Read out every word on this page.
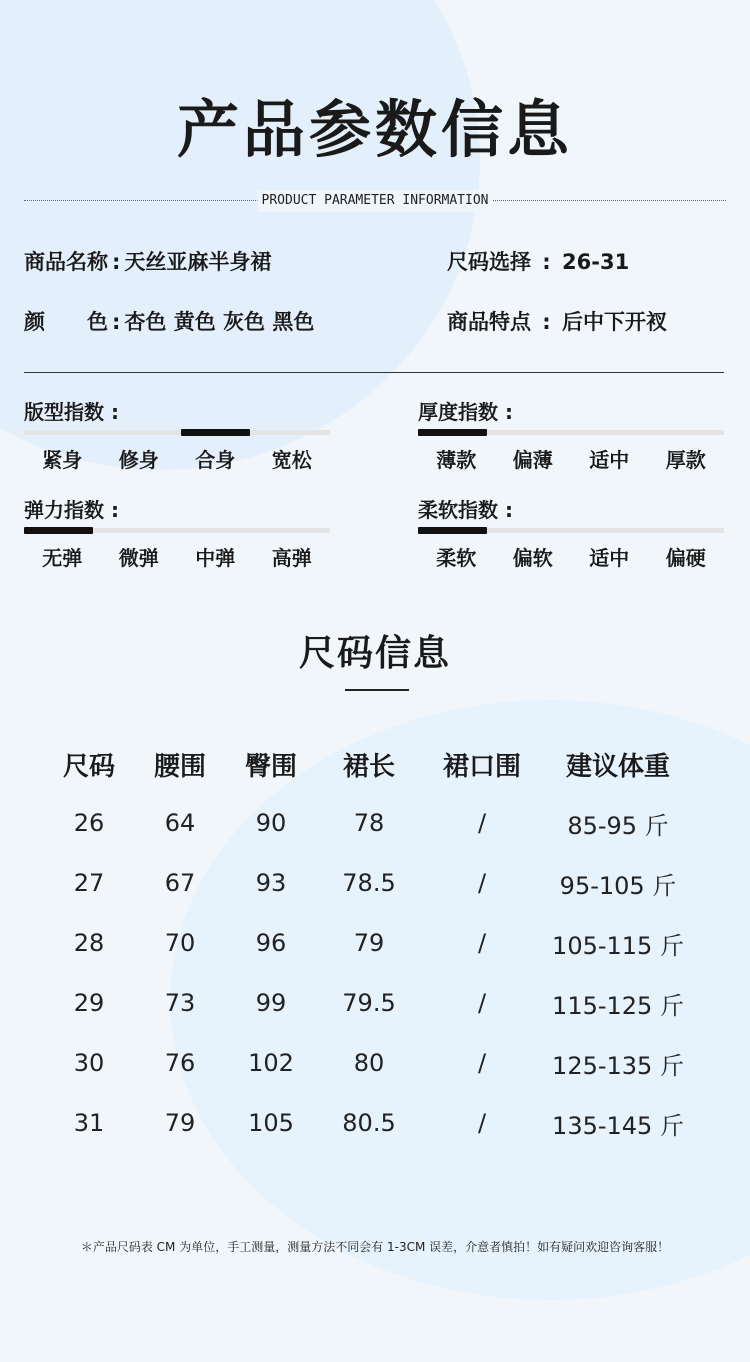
产品参数信息
PRODUCT PARAMETER INFORMATION
商品名称 : 天丝亚麻半身裙	尺码选择 : 26-31
颜　　色 : 杏色 黄色 灰色 黑色	商品特点 : 后中下开衩
版型指数 :
紧身	修身	合身	宽松
厚度指数 :
薄款	偏薄	适中	厚款
弹力指数 :
无弹	微弹	中弹	高弹
柔软指数 :
柔软	偏软	适中	偏硬
尺码信息
尺码	腰围	臀围	裙长	裙口围	建议体重
26	64	90	78	/	85-95 斤
27	67	93	78.5	/	95-105 斤
28	70	96	79	/	105-115 斤
29	73	99	79.5	/	115-125 斤
30	76	102	80	/	125-135 斤
31	79	105	80.5	/	135-145 斤
＊产品尺码表 CM 为单位，手工测量，测量方法不同会有 1-3CM 误差，介意者慎拍！如有疑问欢迎咨询客服！
